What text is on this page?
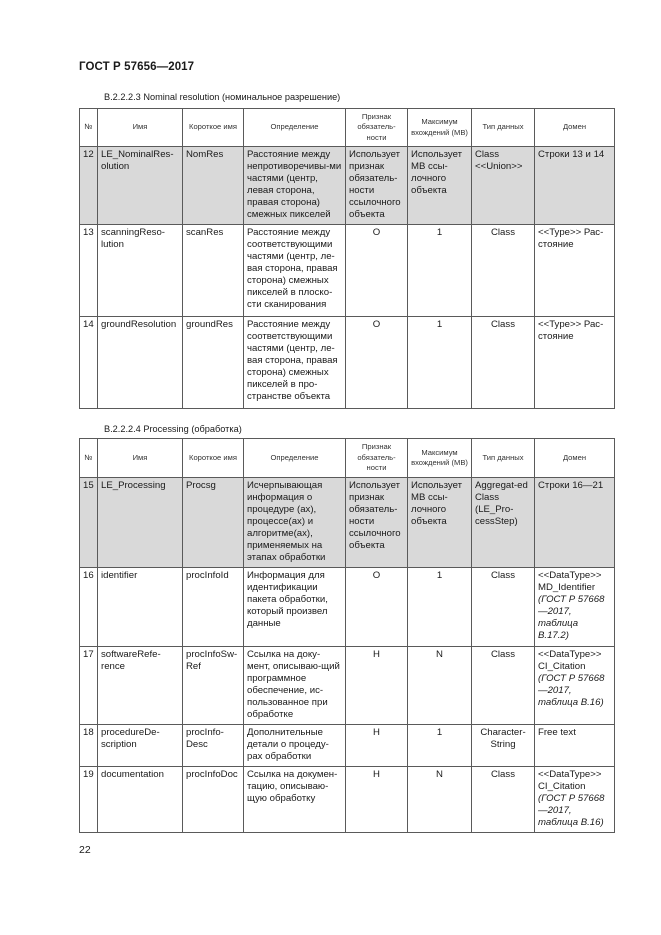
ГОСТ Р 57656—2017
B.2.2.2.3 Nominal resolution (номинальное разрешение)
№	Имя	Короткое имя	Определение	Признак обязатель-ности	Максимум вхождений (MB)	Тип данных	Домен
12	LE_NominalRes-olution	NomRes	Расстояние между непротиворечивы-ми частями (центр, левая сторона, правая сторона) смежных пикселей	Использует признак обязатель-ности ссылочного объекта	Использует MB ссы-лочного объекта	Class <<Union>>	Строки 13 и 14
13	scanningReso-lution	scanRes	Расстояние между соответствующими частями (центр, ле-вая сторона, правая сторона) смежных пикселей в плоско-сти сканирования	O	1	Class	<<Type>> Рас-стояние
14	groundResolution	groundRes	Расстояние между соответствующими частями (центр, ле-вая сторона, правая сторона) смежных пикселей в про-странстве объекта	O	1	Class	<<Type>> Рас-стояние
B.2.2.2.4 Processing (обработка)
№	Имя	Короткое имя	Определение	Признак обязатель-ности	Максимум вхождений (MB)	Тип данных	Домен
15	LE_Processing	Procsg	Исчерпывающая информация о процедуре (ах), процессе(ах) и алгоритме(ах), применяемых на этапах обработки	Использует признак обязатель-ности ссылочного объекта	Использует MB ссы-лочного объекта	Aggregat-ed Class (LE_Pro-cessStep)	Строки 16—21
16	identifier	procInfoId	Информация для идентификации пакета обработки, который произвел данные	O	1	Class	<<DataType>> MD_Identifier
(ГОСТ Р 57668—2017, таблица B.17.2)

17	softwareRefe-rence	procInfoSw-Ref	Ссылка на доку-мент, описываю-щий программное обеспечение, ис-пользованное при обработке	H	N	Class	<<DataType>> CI_Citation
(ГОСТ Р 57668—2017, таблица B.16)

18	procedureDe-scription	procInfo-Desc	Дополнительные детали о процеду-рах обработки	H	1	Character-String	Free text
19	documentation	procInfoDoc	Ссылка на докумен-тацию, описываю-щую обработку	H	N	Class	<<DataType>> CI_Citation
(ГОСТ Р 57668—2017, таблица B.16)
22
